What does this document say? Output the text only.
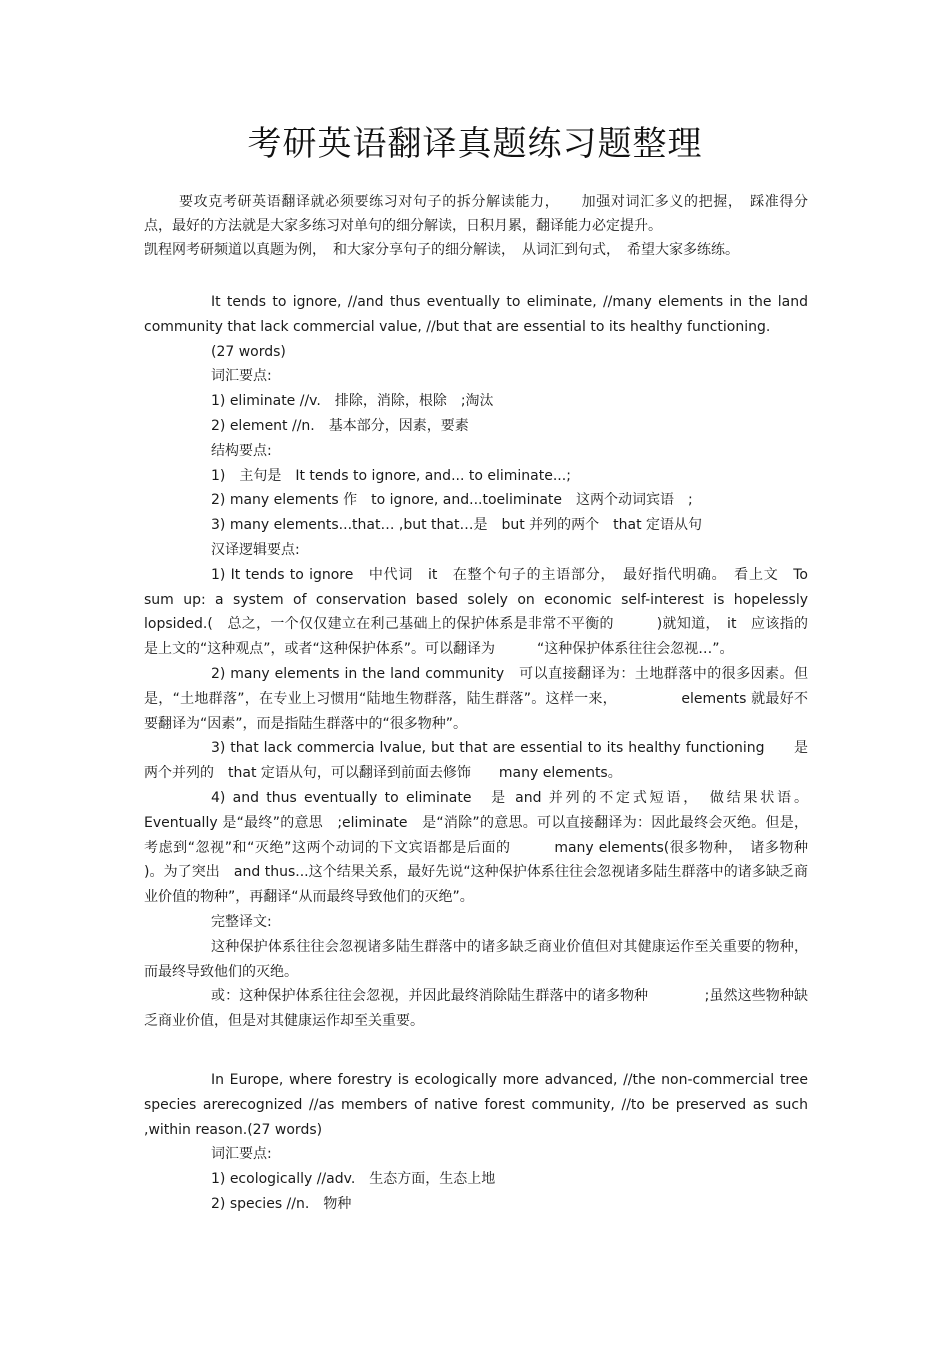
考研英语翻译真题练习题整理

要攻克考研英语翻译就必须要练习对句子的拆分解读能力，　　加强对词汇多义的把握，　踩准得分点，最好的方法就是大家多练习对单句的细分解读，日积月累，翻译能力必定提升。

凯程网考研频道以真题为例，　和大家分享句子的细分解读，　从词汇到句式，　希望大家多练练。

It tends to ignore, //and thus eventually to eliminate, //many elements in the land community that lack commercial value, //but that are essential to its healthy functioning.

(27 words)

词汇要点:

1) eliminate //v.　排除，消除，根除　;淘汰

2) element //n.　基本部分，因素，要素

结构要点:

1)　主句是　It tends to ignore, and... to eliminate...;

2) many elements 作　to ignore, and...toeliminate　这两个动词宾语　;

3) many elements...that… ,but that…是　but 并列的两个　that 定语从句

汉译逻辑要点:

1) It tends to ignore　中代词　it　在整个句子的主语部分，　最好指代明确。　看上文　To sum up: a system of conservation based solely on economic self-interest is hopelessly lopsided.(　总之，一个仅仅建立在利己基础上的保护体系是非常不平衡的　　　)就知道，　it　应该指的是上文的“这种观点”，或者“这种保护体系”。可以翻译为　　　“这种保护体系往往会忽视…”。

2) many elements in the land community　可以直接翻译为：土地群落中的很多因素。但是，“土地群落”，在专业上习惯用“陆地生物群落，陆生群落”。这样一来，　　　　　elements 就最好不要翻译为“因素”，而是指陆生群落中的“很多物种”。

3) that lack commercia lvalue, but that are essential to its healthy functioning　　是两个并列的　that 定语从句，可以翻译到前面去修饰　　many elements。

4) and thus eventually to eliminate　是 and 并列的不定式短语，　做结果状语。 Eventually 是“最终”的意思　;eliminate　是“消除”的意思。可以直接翻译为：因此最终会灭绝。但是，考虑到“忽视”和“灭绝”这两个动词的下文宾语都是后面的　　　many elements(很多物种，　诸多物种 )。为了突出　and thus...这个结果关系，最好先说“这种保护体系往往会忽视诸多陆生群落中的诸多缺乏商业价值的物种”，再翻译“从而最终导致他们的灭绝”。

完整译文:

这种保护体系往往会忽视诸多陆生群落中的诸多缺乏商业价值但对其健康运作至关重要的物种，而最终导致他们的灭绝。

或：这种保护体系往往会忽视，并因此最终消除陆生群落中的诸多物种　　　　;虽然这些物种缺乏商业价值，但是对其健康运作却至关重要。

In Europe, where forestry is ecologically more advanced, //the non-commercial tree species arerecognized //as members of native forest community, //to be preserved as such ,within reason.(27 words)

词汇要点:

1) ecologically //adv.　生态方面，生态上地

2) species //n.　物种
